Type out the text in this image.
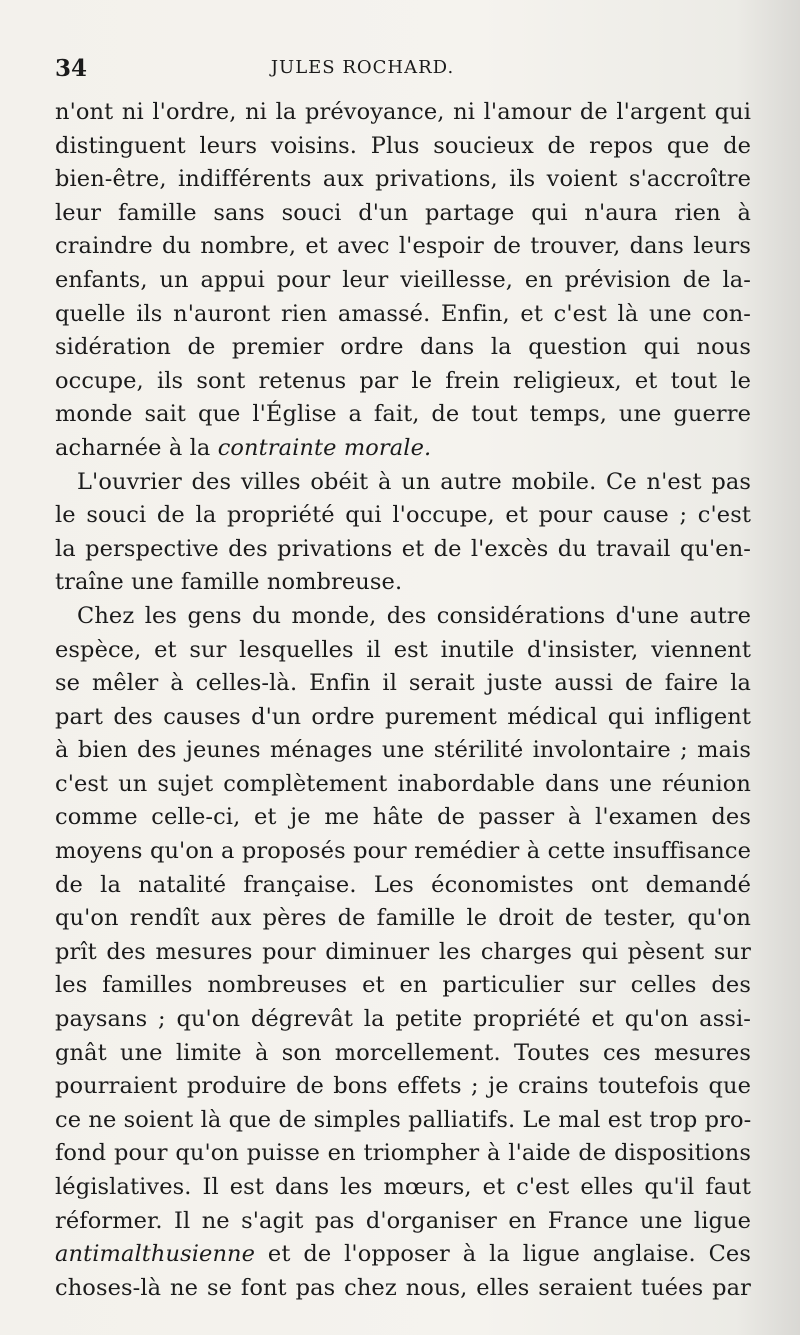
34	JULES ROCHARD.
n'ont ni l'ordre, ni la prévoyance, ni l'amour de l'argent qui
distinguent leurs voisins. Plus soucieux de repos que de
bien-être, indifférents aux privations, ils voient s'accroître
leur famille sans souci d'un partage qui n'aura rien à
craindre du nombre, et avec l'espoir de trouver, dans leurs
enfants, un appui pour leur vieillesse, en prévision de la-
quelle ils n'auront rien amassé. Enfin, et c'est là une con-
sidération de premier ordre dans la question qui nous
occupe, ils sont retenus par le frein religieux, et tout le
monde sait que l'Église a fait, de tout temps, une guerre
acharnée à la contrainte morale.
L'ouvrier des villes obéit à un autre mobile. Ce n'est pas
le souci de la propriété qui l'occupe, et pour cause ; c'est
la perspective des privations et de l'excès du travail qu'en-
traîne une famille nombreuse.
Chez les gens du monde, des considérations d'une autre
espèce, et sur lesquelles il est inutile d'insister, viennent
se mêler à celles-là. Enfin il serait juste aussi de faire la
part des causes d'un ordre purement médical qui infligent
à bien des jeunes ménages une stérilité involontaire ; mais
c'est un sujet complètement inabordable dans une réunion
comme celle-ci, et je me hâte de passer à l'examen des
moyens qu'on a proposés pour remédier à cette insuffisance
de la natalité française. Les économistes ont demandé
qu'on rendît aux pères de famille le droit de tester, qu'on
prît des mesures pour diminuer les charges qui pèsent sur
les familles nombreuses et en particulier sur celles des
paysans ; qu'on dégrevât la petite propriété et qu'on assi-
gnât une limite à son morcellement. Toutes ces mesures
pourraient produire de bons effets ; je crains toutefois que
ce ne soient là que de simples palliatifs. Le mal est trop pro-
fond pour qu'on puisse en triompher à l'aide de dispositions
législatives. Il est dans les mœurs, et c'est elles qu'il faut
réformer. Il ne s'agit pas d'organiser en France une ligue
antimalthusienne et de l'opposer à la ligue anglaise. Ces
choses-là ne se font pas chez nous, elles seraient tuées par
